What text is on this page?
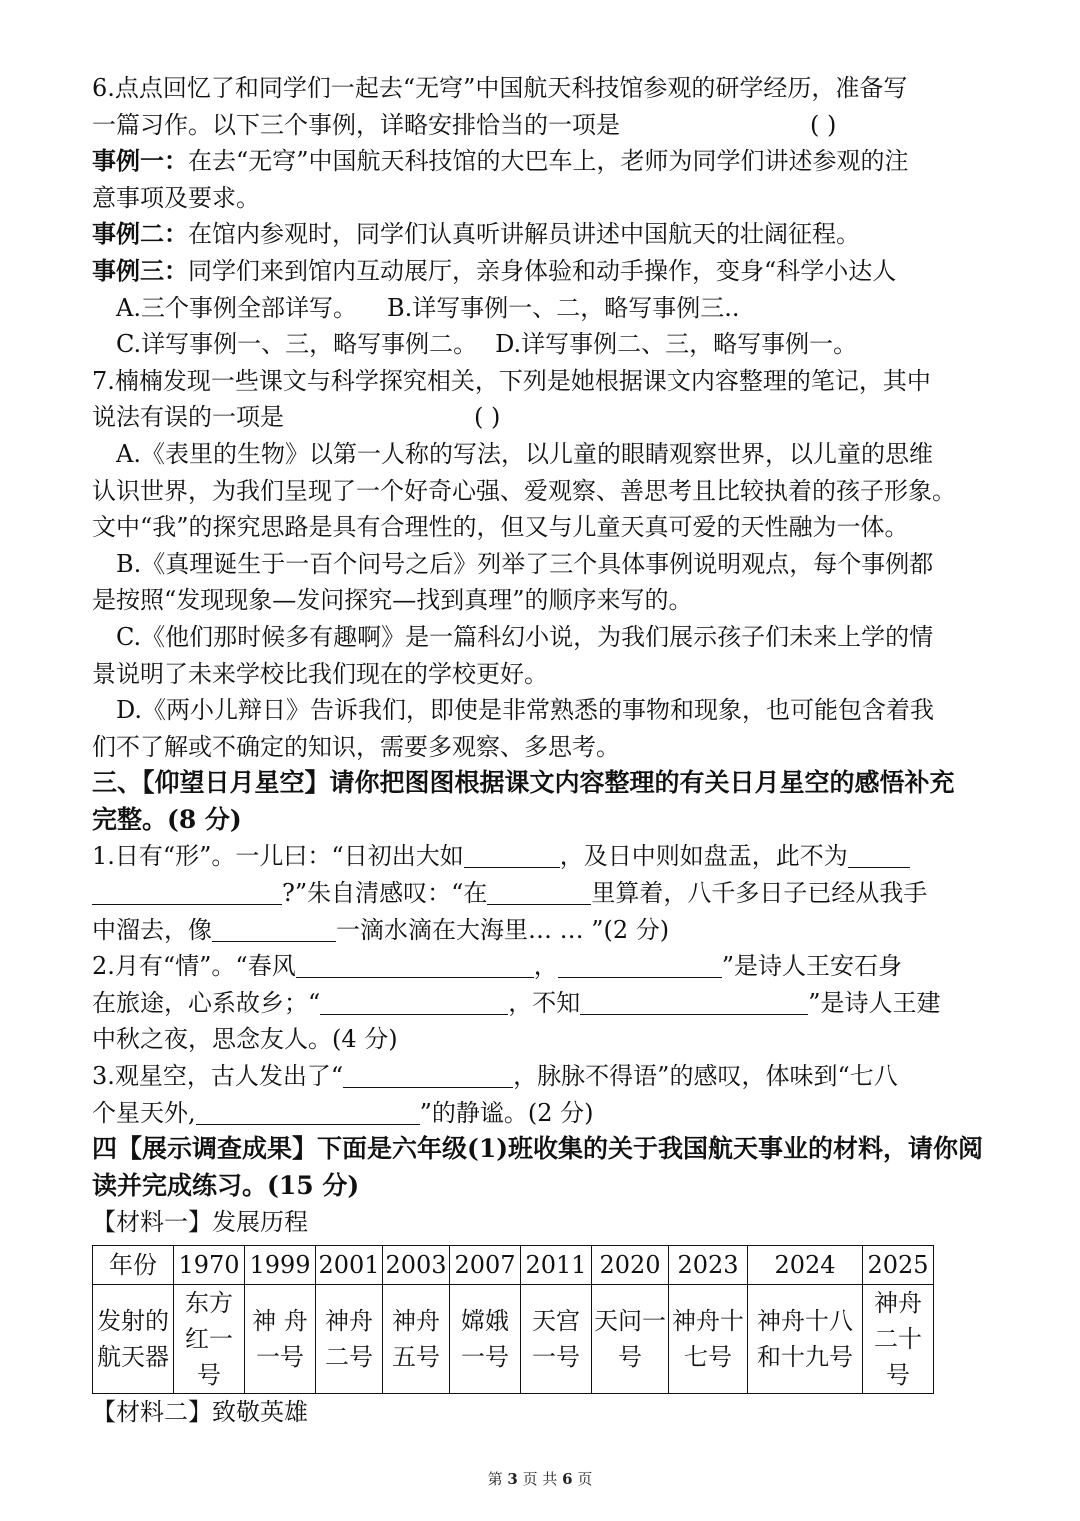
6.点点回忆了和同学们一起去“无穹”中国航天科技馆参观的研学经历，准备写

一篇习作。以下三个事例，详略安排恰当的一项是	( )

事例一：在去“无穹”中国航天科技馆的大巴车上，老师为同学们讲述参观的注

意事项及要求。

事例二：在馆内参观时，同学们认真听讲解员讲述中国航天的壮阔征程。

事例三：同学们来到馆内互动展厅，亲身体验和动手操作，变身“科学小达人

A.三个事例全部详写。 B.详写事例一、二，略写事例三..

C.详写事例一、三，略写事例二。 D.详写事例二、三，略写事例一。

7.楠楠发现一些课文与科学探究相关，下列是她根据课文内容整理的笔记，其中

说法有误的一项是	( )

A.《表里的生物》以第一人称的写法，以儿童的眼睛观察世界，以儿童的思维

认识世界，为我们呈现了一个好奇心强、爱观察、善思考且比较执着的孩子形象。

文中“我”的探究思路是具有合理性的，但又与儿童天真可爱的天性融为一体。

B.《真理诞生于一百个问号之后》列举了三个具体事例说明观点，每个事例都

是按照“发现现象—发问探究—找到真理”的顺序来写的。

C.《他们那时候多有趣啊》是一篇科幻小说，为我们展示孩子们未来上学的情

景说明了未来学校比我们现在的学校更好。

D.《两小儿辩日》告诉我们，即使是非常熟悉的事物和现象，也可能包含着我

们不了解或不确定的知识，需要多观察、多思考。

三、【仰望日月星空】请你把图图根据课文内容整理的有关日月星空的感悟补充

完整。(8 分)

1.日有“形”。一儿曰：“日初出大如	，及日中则如盘盂，此不为

?”朱自清感叹：“在	里算着，八千多日子已经从我手

中溜去，像	一滴水滴在大海里… … ”(2 分)

2.月有“情”。“春风	，	”是诗人王安石身

在旅途，心系故乡；“	，不知	”是诗人王建

中秋之夜，思念友人。(4 分)

3.观星空，古人发出了“	，脉脉不得语”的感叹，体味到“七八

个星天外,	”的静谧。(2 分)

四【展示调查成果】下面是六年级(1)班收集的关于我国航天事业的材料，请你阅

读并完成练习。(15 分)

【材料一】发展历程

年份	1970	1999	2001	2003	2007	2011	2020	2023	2024	2025
发射的航天器	东方红一号	神 舟一号	神舟二号	神舟五号	嫦娥一号	天宫一号	天问一号	神舟十七号	神舟十八和十九号	神舟二十号

【材料二】致敬英雄

第 3 页 共 6 页
